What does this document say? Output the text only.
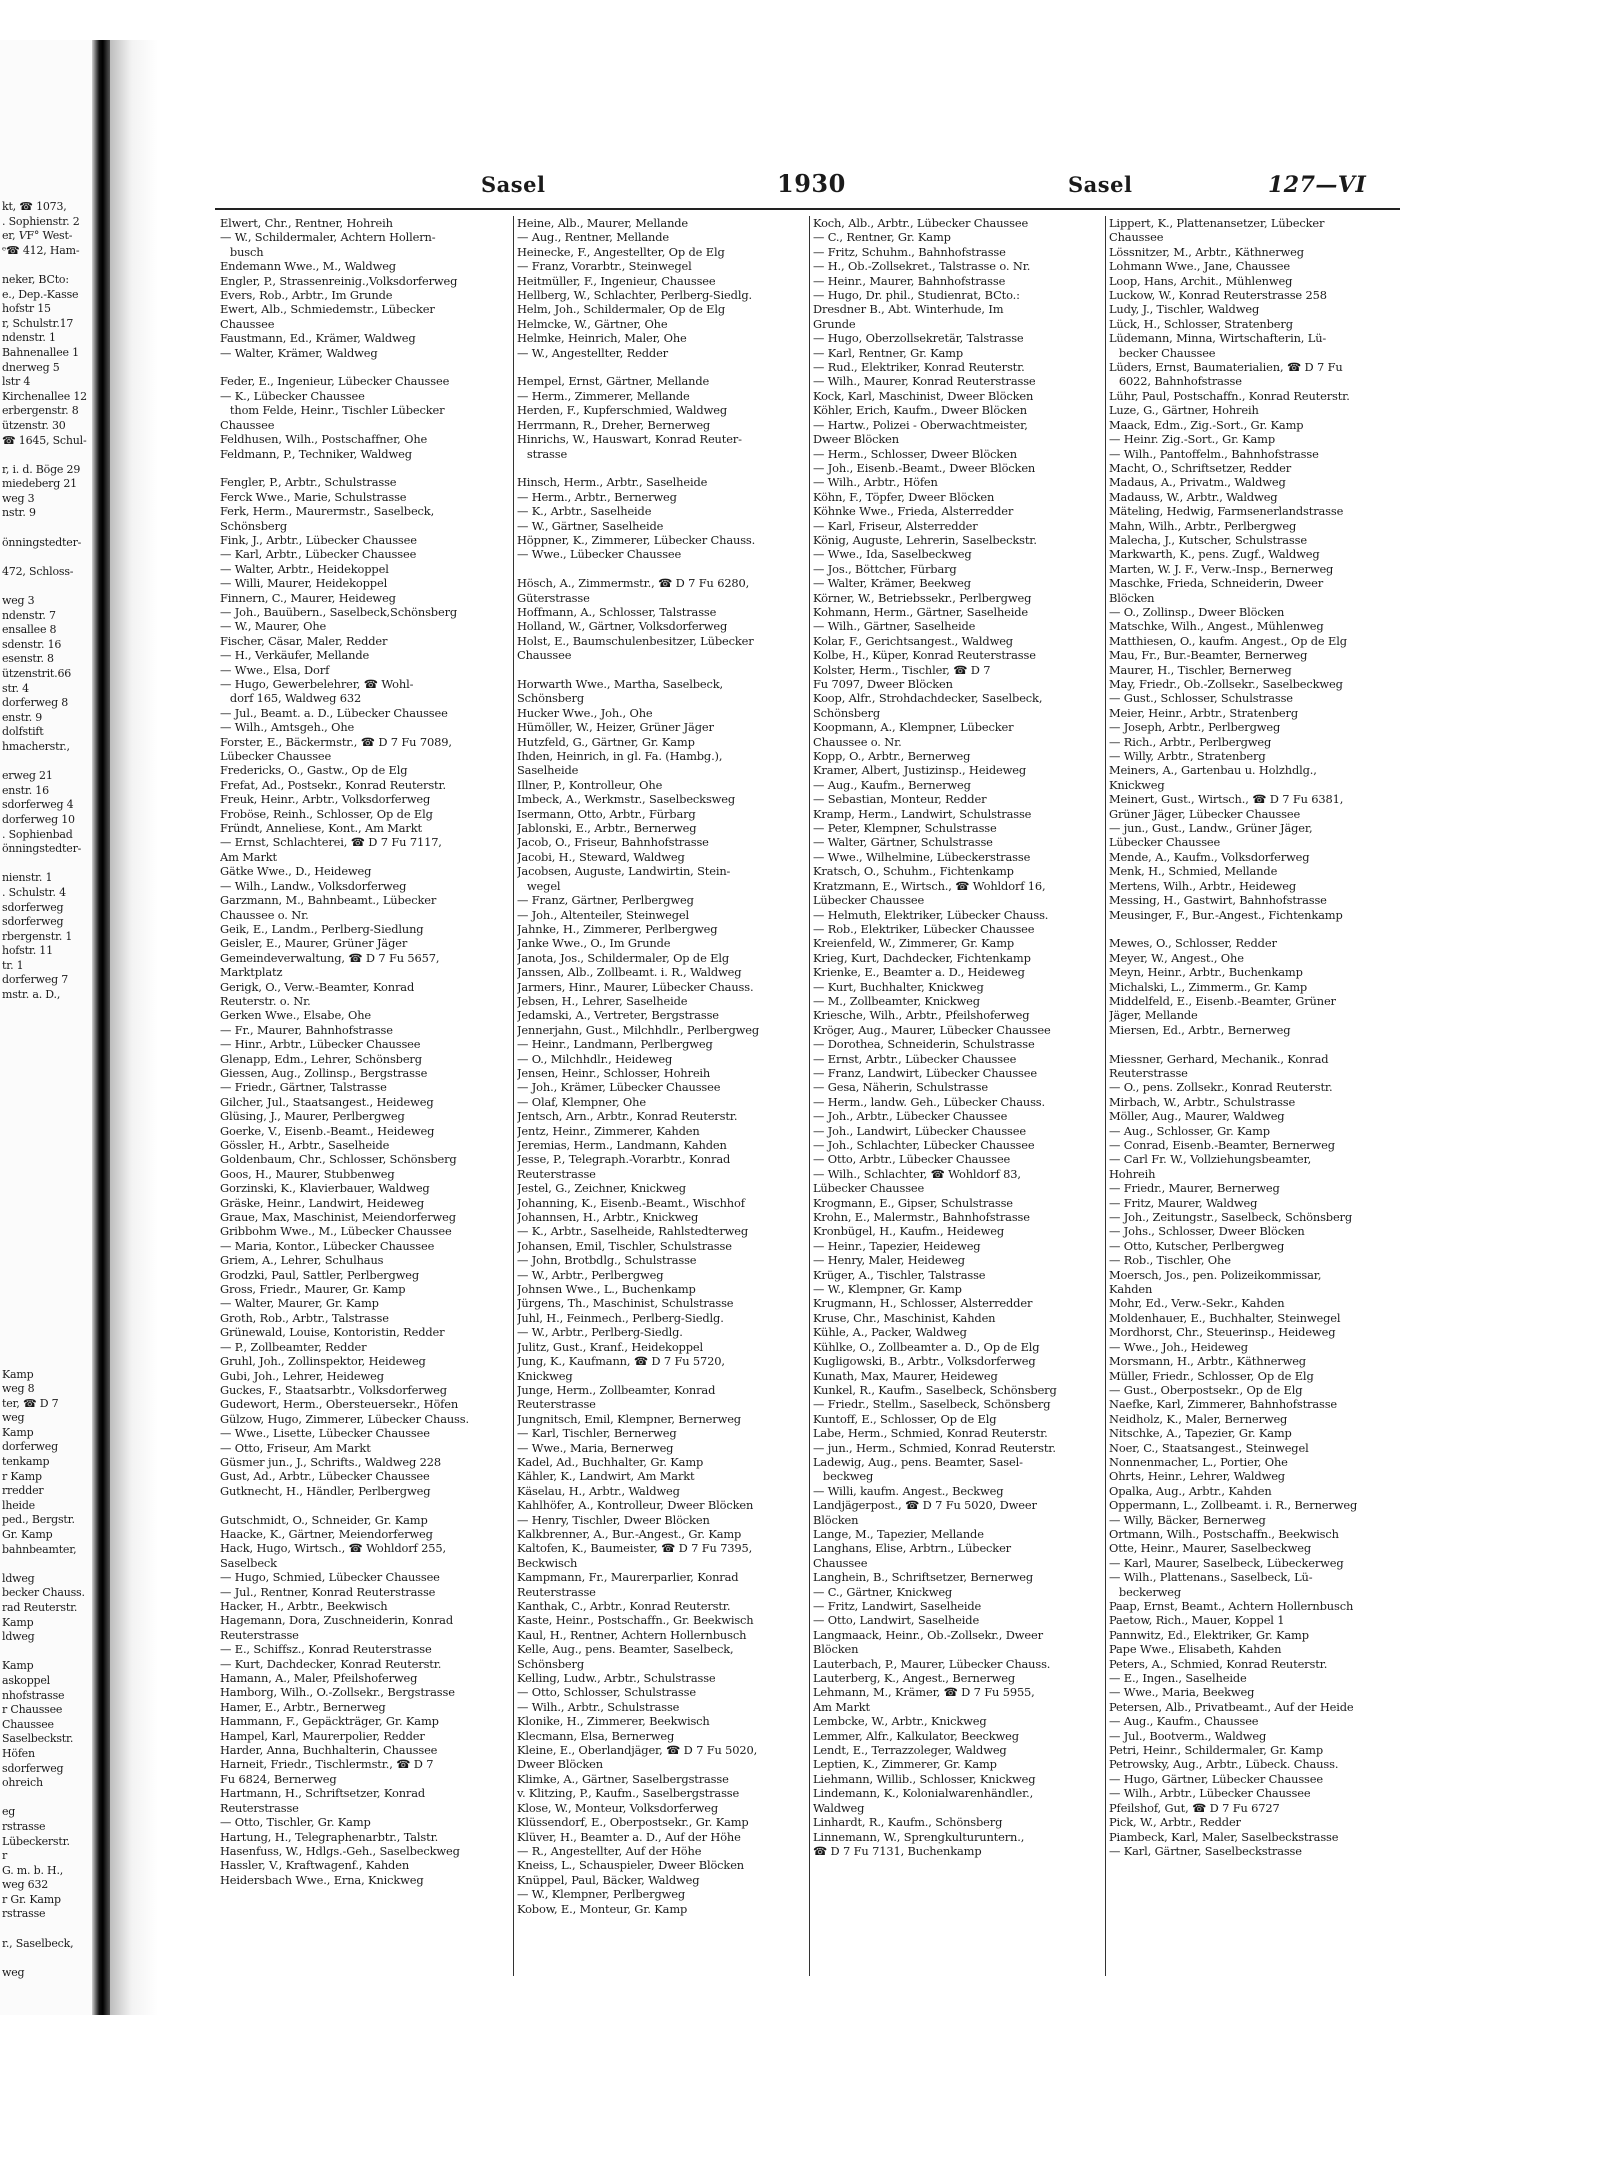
kt, ☎ 1073,
. Sophienstr. 2
er, 𝑉F° West-
ᵉ☎ 412, Ham-

neker, BCto:
e., Dep.-Kasse
hofstr 15
r, Schulstr.17
ndenstr. 1
Bahnenallee 1
dnerweg 5
lstr 4
Kirchenallee 12
erbergenstr. 8
ützenstr. 30
☎ 1645, Schul-

r, i. d. Böge 29
miedeberg 21
weg 3
nstr. 9

önningstedter-

472, Schloss-

weg 3
ndenstr. 7
ensallee 8
sdenstr. 16
esenstr. 8
ützenstrit.66
str. 4
dorferweg 8
enstr. 9
dolfstift
hmacherstr.,

erweg 21
enstr. 16
sdorferweg 4
dorferweg 10
. Sophienbad
önningstedter-

nienstr. 1
. Schulstr. 4
sdorferweg
sdorferweg
rbergenstr. 1
hofstr. 11
tr. 1
dorferweg 7
mstr. a. D.,

Kamp
weg 8
ter, ☎ D 7
weg
Kamp
dorferweg
tenkamp
r Kamp
rredder
lheide
ped., Bergstr.
Gr. Kamp
bahnbeamter,

ldweg
becker Chauss.
rad Reuterstr.
Kamp
ldweg

Kamp
askoppel
nhofstrasse
r Chaussee
Chaussee
Saselbeckstr.
Höfen
sdorferweg
ohreich

eg
rstrasse
Lübeckerstr.
r
G. m. b. H.,
weg 632
r Gr. Kamp
rstrasse

r., Saselbeck,

weg
Sasel	1930	Sasel	127—VI
Elwert, Chr., Rentner, Hohreih
— W., Schildermaler, Achtern Hollern-
busch
Endemann Wwe., M., Waldweg
Engler, P., Strassenreinig.,Volksdorferweg
Evers, Rob., Arbtr., Im Grunde
Ewert, Alb., Schmiedemstr., Lübecker
Chaussee
Faustmann, Ed., Krämer, Waldweg
— Walter, Krämer, Waldweg

Feder, E., Ingenieur, Lübecker Chaussee
— K., Lübecker Chaussee
thom Felde, Heinr., Tischler Lübecker
Chaussee
Feldhusen, Wilh., Postschaffner, Ohe
Feldmann, P., Techniker, Waldweg

Fengler, P., Arbtr., Schulstrasse
Ferck Wwe., Marie, Schulstrasse
Ferk, Herm., Maurermstr., Saselbeck,
Schönsberg
Fink, J., Arbtr., Lübecker Chaussee
— Karl, Arbtr., Lübecker Chaussee
— Walter, Arbtr., Heidekoppel
— Willi, Maurer, Heidekoppel
Finnern, C., Maurer, Heideweg
— Joh., Bauübern., Saselbeck,Schönsberg
— W., Maurer, Ohe
Fischer, Cäsar, Maler, Redder
— H., Verkäufer, Mellande
— Wwe., Elsa, Dorf
— Hugo, Gewerbelehrer, ☎ Wohl-
dorf 165, Waldweg 632
— Jul., Beamt. a. D., Lübecker Chaussee
— Wilh., Amtsgeh., Ohe
Forster, E., Bäckermstr., ☎ D 7 Fu 7089,
Lübecker Chaussee
Fredericks, O., Gastw., Op de Elg
Frefat, Ad., Postsekr., Konrad Reuterstr.
Freuk, Heinr., Arbtr., Volksdorferweg
Froböse, Reinh., Schlosser, Op de Elg
Fründt, Anneliese, Kont., Am Markt
— Ernst, Schlachterei, ☎ D 7 Fu 7117,
Am Markt
Gätke Wwe., D., Heideweg
— Wilh., Landw., Volksdorferweg
Garzmann, M., Bahnbeamt., Lübecker
Chaussee o. Nr.
Geik, E., Landm., Perlberg-Siedlung
Geisler, E., Maurer, Grüner Jäger
Gemeindeverwaltung, ☎ D 7 Fu 5657,
Marktplatz
Gerigk, O., Verw.-Beamter, Konrad
Reuterstr. o. Nr.
Gerken Wwe., Elsabe, Ohe
— Fr., Maurer, Bahnhofstrasse
— Hinr., Arbtr., Lübecker Chaussee
Glenapp, Edm., Lehrer, Schönsberg
Giessen, Aug., Zollinsp., Bergstrasse
— Friedr., Gärtner, Talstrasse
Gilcher, Jul., Staatsangest., Heideweg
Glüsing, J., Maurer, Perlbergweg
Goerke, V., Eisenb.-Beamt., Heideweg
Gössler, H., Arbtr., Saselheide
Goldenbaum, Chr., Schlosser, Schönsberg
Goos, H., Maurer, Stubbenweg
Gorzinski, K., Klavierbauer, Waldweg
Gräske, Heinr., Landwirt, Heideweg
Graue, Max, Maschinist, Meiendorferweg
Gribbohm Wwe., M., Lübecker Chaussee
— Maria, Kontor., Lübecker Chaussee
Griem, A., Lehrer, Schulhaus
Grodzki, Paul, Sattler, Perlbergweg
Gross, Friedr., Maurer, Gr. Kamp
— Walter, Maurer, Gr. Kamp
Groth, Rob., Arbtr., Talstrasse
Grünewald, Louise, Kontoristin, Redder
— P., Zollbeamter, Redder
Gruhl, Joh., Zollinspektor, Heideweg
Gubi, Joh., Lehrer, Heideweg
Guckes, F., Staatsarbtr., Volksdorferweg
Gudewort, Herm., Obersteuersekr., Höfen
Gülzow, Hugo, Zimmerer, Lübecker Chauss.
— Wwe., Lisette, Lübecker Chaussee
— Otto, Friseur, Am Markt
Güsmer jun., J., Schrifts., Waldweg 228
Gust, Ad., Arbtr., Lübecker Chaussee
Gutknecht, H., Händler, Perlbergweg

Gutschmidt, O., Schneider, Gr. Kamp
Haacke, K., Gärtner, Meiendorferweg
Hack, Hugo, Wirtsch., ☎ Wohldorf 255,
Saselbeck
— Hugo, Schmied, Lübecker Chaussee
— Jul., Rentner, Konrad Reuterstrasse
Hacker, H., Arbtr., Beekwisch
Hagemann, Dora, Zuschneiderin, Konrad
Reuterstrasse
— E., Schiffsz., Konrad Reuterstrasse
— Kurt, Dachdecker, Konrad Reuterstr.
Hamann, A., Maler, Pfeilshoferweg
Hamborg, Wilh., O.-Zollsekr., Bergstrasse
Hamer, E., Arbtr., Bernerweg
Hammann, F., Gepäckträger, Gr. Kamp
Hampel, Karl, Maurerpolier, Redder
Harder, Anna, Buchhalterin, Chaussee
Harneit, Friedr., Tischlermstr., ☎ D 7
Fu 6824, Bernerweg
Hartmann, H., Schriftsetzer, Konrad
Reuterstrasse
— Otto, Tischler, Gr. Kamp
Hartung, H., Telegraphenarbtr., Talstr.
Hasenfuss, W., Hdlgs.-Geh., Saselbeckweg
Hassler, V., Kraftwagenf., Kahden
Heidersbach Wwe., Erna, Knickweg
Heine, Alb., Maurer, Mellande
— Aug., Rentner, Mellande
Heinecke, F., Angestellter, Op de Elg
— Franz, Vorarbtr., Steinwegel
Heitmüller, F., Ingenieur, Chaussee
Hellberg, W., Schlachter, Perlberg-Siedlg.
Helm, Joh., Schildermaler, Op de Elg
Helmcke, W., Gärtner, Ohe
Helmke, Heinrich, Maler, Ohe
— W., Angestellter, Redder

Hempel, Ernst, Gärtner, Mellande
— Herm., Zimmerer, Mellande
Herden, F., Kupferschmied, Waldweg
Herrmann, R., Dreher, Bernerweg
Hinrichs, W., Hauswart, Konrad Reuter-
strasse

Hinsch, Herm., Arbtr., Saselheide
— Herm., Arbtr., Bernerweg
— K., Arbtr., Saselheide
— W., Gärtner, Saselheide
Höppner, K., Zimmerer, Lübecker Chauss.
— Wwe., Lübecker Chaussee

Hösch, A., Zimmermstr., ☎ D 7 Fu 6280,
Güterstrasse
Hoffmann, A., Schlosser, Talstrasse
Holland, W., Gärtner, Volksdorferweg
Holst, E., Baumschulenbesitzer, Lübecker
Chaussee

Horwarth Wwe., Martha, Saselbeck,
Schönsberg
Hucker Wwe., Joh., Ohe
Hümöller, W., Heizer, Grüner Jäger
Hutzfeld, G., Gärtner, Gr. Kamp
Ihden, Heinrich, in gl. Fa. (Hambg.),
Saselheide
Illner, P., Kontrolleur, Ohe
Imbeck, A., Werkmstr., Saselbecksweg
Isermann, Otto, Arbtr., Fürbarg
Jablonski, E., Arbtr., Bernerweg
Jacob, O., Friseur, Bahnhofstrasse
Jacobi, H., Steward, Waldweg
Jacobsen, Auguste, Landwirtin, Stein-
wegel
— Franz, Gärtner, Perlbergweg
— Joh., Altenteiler, Steinwegel
Jahnke, H., Zimmerer, Perlbergweg
Janke Wwe., O., Im Grunde
Janota, Jos., Schildermaler, Op de Elg
Janssen, Alb., Zollbeamt. i. R., Waldweg
Jarmers, Hinr., Maurer, Lübecker Chauss.
Jebsen, H., Lehrer, Saselheide
Jedamski, A., Vertreter, Bergstrasse
Jennerjahn, Gust., Milchhdlr., Perlbergweg
— Heinr., Landmann, Perlbergweg
— O., Milchhdlr., Heideweg
Jensen, Heinr., Schlosser, Hohreih
— Joh., Krämer, Lübecker Chaussee
— Olaf, Klempner, Ohe
Jentsch, Arn., Arbtr., Konrad Reuterstr.
Jentz, Heinr., Zimmerer, Kahden
Jeremias, Herm., Landmann, Kahden
Jesse, P., Telegraph.-Vorarbtr., Konrad
Reuterstrasse
Jestel, G., Zeichner, Knickweg
Johanning, K., Eisenb.-Beamt., Wischhof
Johannsen, H., Arbtr., Knickweg
— K., Arbtr., Saselheide, Rahlstedterweg
Johansen, Emil, Tischler, Schulstrasse
— John, Brotbdlg., Schulstrasse
— W., Arbtr., Perlbergweg
Johnsen Wwe., L., Buchenkamp
Jürgens, Th., Maschinist, Schulstrasse
Juhl, H., Feinmech., Perlberg-Siedlg.
— W., Arbtr., Perlberg-Siedlg.
Julitz, Gust., Kranf., Heidekoppel
Jung, K., Kaufmann, ☎ D 7 Fu 5720,
Knickweg
Junge, Herm., Zollbeamter, Konrad
Reuterstrasse
Jungnitsch, Emil, Klempner, Bernerweg
— Karl, Tischler, Bernerweg
— Wwe., Maria, Bernerweg
Kadel, Ad., Buchhalter, Gr. Kamp
Kähler, K., Landwirt, Am Markt
Käselau, H., Arbtr., Waldweg
Kahlhöfer, A., Kontrolleur, Dweer Blöcken
— Henry, Tischler, Dweer Blöcken
Kalkbrenner, A., Bur.-Angest., Gr. Kamp
Kaltofen, K., Baumeister, ☎ D 7 Fu 7395,
Beckwisch
Kampmann, Fr., Maurerparlier, Konrad
Reuterstrasse
Kanthak, C., Arbtr., Konrad Reuterstr.
Kaste, Heinr., Postschaffn., Gr. Beekwisch
Kaul, H., Rentner, Achtern Hollernbusch
Kelle, Aug., pens. Beamter, Saselbeck,
Schönsberg
Kelling, Ludw., Arbtr., Schulstrasse
— Otto, Schlosser, Schulstrasse
— Wilh., Arbtr., Schulstrasse
Klonike, H., Zimmerer, Beekwisch
Klecmann, Elsa, Bernerweg
Kleine, E., Oberlandjäger, ☎ D 7 Fu 5020,
Dweer Blöcken
Klimke, A., Gärtner, Saselbergstrasse
v. Klitzing, P., Kaufm., Saselbergstrasse
Klose, W., Monteur, Volksdorferweg
Klüssendorf, E., Oberpostsekr., Gr. Kamp
Klüver, H., Beamter a. D., Auf der Höhe
— R., Angestellter, Auf der Höhe
Kneiss, L., Schauspieler, Dweer Blöcken
Knüppel, Paul, Bäcker, Waldweg
— W., Klempner, Perlbergweg
Kobow, E., Monteur, Gr. Kamp
Koch, Alb., Arbtr., Lübecker Chaussee
— C., Rentner, Gr. Kamp
— Fritz, Schuhm., Bahnhofstrasse
— H., Ob.-Zollsekret., Talstrasse o. Nr.
— Heinr., Maurer, Bahnhofstrasse
— Hugo, Dr. phil., Studienrat, BCto.:
Dresdner B., Abt. Winterhude, Im
Grunde
— Hugo, Oberzollsekretär, Talstrasse
— Karl, Rentner, Gr. Kamp
— Rud., Elektriker, Konrad Reuterstr.
— Wilh., Maurer, Konrad Reuterstrasse
Kock, Karl, Maschinist, Dweer Blöcken
Köhler, Erich, Kaufm., Dweer Blöcken
— Hartw., Polizei - Oberwachtmeister,
Dweer Blöcken
— Herm., Schlosser, Dweer Blöcken
— Joh., Eisenb.-Beamt., Dweer Blöcken
— Wilh., Arbtr., Höfen
Köhn, F., Töpfer, Dweer Blöcken
Köhnke Wwe., Frieda, Alsterredder
— Karl, Friseur, Alsterredder
König, Auguste, Lehrerin, Saselbeckstr.
— Wwe., Ida, Saselbeckweg
— Jos., Böttcher, Fürbarg
— Walter, Krämer, Beekweg
Körner, W., Betriebssekr., Perlbergweg
Kohmann, Herm., Gärtner, Saselheide
— Wilh., Gärtner, Saselheide
Kolar, F., Gerichtsangest., Waldweg
Kolbe, H., Küper, Konrad Reuterstrasse
Kolster, Herm., Tischler, ☎ D 7
Fu 7097, Dweer Blöcken
Koop, Alfr., Strohdachdecker, Saselbeck,
Schönsberg
Koopmann, A., Klempner, Lübecker
Chaussee o. Nr.
Kopp, O., Arbtr., Bernerweg
Kramer, Albert, Justizinsp., Heideweg
— Aug., Kaufm., Bernerweg
— Sebastian, Monteur, Redder
Kramp, Herm., Landwirt, Schulstrasse
— Peter, Klempner, Schulstrasse
— Walter, Gärtner, Schulstrasse
— Wwe., Wilhelmine, Lübeckerstrasse
Kratsch, O., Schuhm., Fichtenkamp
Kratzmann, E., Wirtsch., ☎ Wohldorf 16,
Lübecker Chaussee
— Helmuth, Elektriker, Lübecker Chauss.
— Rob., Elektriker, Lübecker Chaussee
Kreienfeld, W., Zimmerer, Gr. Kamp
Krieg, Kurt, Dachdecker, Fichtenkamp
Krienke, E., Beamter a. D., Heideweg
— Kurt, Buchhalter, Knickweg
— M., Zollbeamter, Knickweg
Kriesche, Wilh., Arbtr., Pfeilshoferweg
Kröger, Aug., Maurer, Lübecker Chaussee
— Dorothea, Schneiderin, Schulstrasse
— Ernst, Arbtr., Lübecker Chaussee
— Franz, Landwirt, Lübecker Chaussee
— Gesa, Näherin, Schulstrasse
— Herm., landw. Geh., Lübecker Chauss.
— Joh., Arbtr., Lübecker Chaussee
— Joh., Landwirt, Lübecker Chaussee
— Joh., Schlachter, Lübecker Chaussee
— Otto, Arbtr., Lübecker Chaussee
— Wilh., Schlachter, ☎ Wohldorf 83,
Lübecker Chaussee
Krogmann, E., Gipser, Schulstrasse
Krohn, E., Malermstr., Bahnhofstrasse
Kronbügel, H., Kaufm., Heideweg
— Heinr., Tapezier, Heideweg
— Henry, Maler, Heideweg
Krüger, A., Tischler, Talstrasse
— W., Klempner, Gr. Kamp
Krugmann, H., Schlosser, Alsterredder
Kruse, Chr., Maschinist, Kahden
Kühle, A., Packer, Waldweg
Kühlke, O., Zollbeamter a. D., Op de Elg
Kugligowski, B., Arbtr., Volksdorferweg
Kunath, Max, Maurer, Heideweg
Kunkel, R., Kaufm., Saselbeck, Schönsberg
— Friedr., Stellm., Saselbeck, Schönsberg
Kuntoff, E., Schlosser, Op de Elg
Labe, Herm., Schmied, Konrad Reuterstr.
— jun., Herm., Schmied, Konrad Reuterstr.
Ladewig, Aug., pens. Beamter, Sasel-
beckweg
— Willi, kaufm. Angest., Beckweg
Landjägerpost., ☎ D 7 Fu 5020, Dweer
Blöcken
Lange, M., Tapezier, Mellande
Langhans, Elise, Arbtrn., Lübecker
Chaussee
Langhein, B., Schriftsetzer, Bernerweg
— C., Gärtner, Knickweg
— Fritz, Landwirt, Saselheide
— Otto, Landwirt, Saselheide
Langmaack, Heinr., Ob.-Zollsekr., Dweer
Blöcken
Lauterbach, P., Maurer, Lübecker Chauss.
Lauterberg, K., Angest., Bernerweg
Lehmann, M., Krämer, ☎ D 7 Fu 5955,
Am Markt
Lembcke, W., Arbtr., Knickweg
Lemmer, Alfr., Kalkulator, Beeckweg
Lendt, E., Terrazzoleger, Waldweg
Leptien, K., Zimmerer, Gr. Kamp
Liehmann, Willib., Schlosser, Knickweg
Lindemann, K., Kolonialwarenhändler.,
Waldweg
Linhardt, R., Kaufm., Schönsberg
Linnemann, W., Sprengkulturuntern.,
☎ D 7 Fu 7131, Buchenkamp
Lippert, K., Plattenansetzer, Lübecker
Chaussee
Lössnitzer, M., Arbtr., Käthnerweg
Lohmann Wwe., Jane, Chaussee
Loop, Hans, Archit., Mühlenweg
Luckow, W., Konrad Reuterstrasse 258
Ludy, J., Tischler, Waldweg
Lück, H., Schlosser, Stratenberg
Lüdemann, Minna, Wirtschafterin, Lü-
becker Chaussee
Lüders, Ernst, Baumaterialien, ☎ D 7 Fu
6022, Bahnhofstrasse
Lühr, Paul, Postschaffn., Konrad Reuterstr.
Luze, G., Gärtner, Hohreih
Maack, Edm., Zig.-Sort., Gr. Kamp
— Heinr. Zig.-Sort., Gr. Kamp
— Wilh., Pantoffelm., Bahnhofstrasse
Macht, O., Schriftsetzer, Redder
Madaus, A., Privatm., Waldweg
Madauss, W., Arbtr., Waldweg
Mäteling, Hedwig, Farmsenerlandstrasse
Mahn, Wilh., Arbtr., Perlbergweg
Malecha, J., Kutscher, Schulstrasse
Markwarth, K., pens. Zugf., Waldweg
Marten, W. J. F., Verw.-Insp., Bernerweg
Maschke, Frieda, Schneiderin, Dweer
Blöcken
— O., Zollinsp., Dweer Blöcken
Matschke, Wilh., Angest., Mühlenweg
Matthiesen, O., kaufm. Angest., Op de Elg
Mau, Fr., Bur.-Beamter, Bernerweg
Maurer, H., Tischler, Bernerweg
May, Friedr., Ob.-Zollsekr., Saselbeckweg
— Gust., Schlosser, Schulstrasse
Meier, Heinr., Arbtr., Stratenberg
— Joseph, Arbtr., Perlbergweg
— Rich., Arbtr., Perlbergweg
— Willy, Arbtr., Stratenberg
Meiners, A., Gartenbau u. Holzhdlg.,
Knickweg
Meinert, Gust., Wirtsch., ☎ D 7 Fu 6381,
Grüner Jäger, Lübecker Chaussee
— jun., Gust., Landw., Grüner Jäger,
Lübecker Chaussee
Mende, A., Kaufm., Volksdorferweg
Menk, H., Schmied, Mellande
Mertens, Wilh., Arbtr., Heideweg
Messing, H., Gastwirt, Bahnhofstrasse
Meusinger, F., Bur.-Angest., Fichtenkamp

Mewes, O., Schlosser, Redder
Meyer, W., Angest., Ohe
Meyn, Heinr., Arbtr., Buchenkamp
Michalski, L., Zimmerm., Gr. Kamp
Middelfeld, E., Eisenb.-Beamter, Grüner
Jäger, Mellande
Miersen, Ed., Arbtr., Bernerweg

Miessner, Gerhard, Mechanik., Konrad
Reuterstrasse
— O., pens. Zollsekr., Konrad Reuterstr.
Mirbach, W., Arbtr., Schulstrasse
Möller, Aug., Maurer, Waldweg
— Aug., Schlosser, Gr. Kamp
— Conrad, Eisenb.-Beamter, Bernerweg
— Carl Fr. W., Vollziehungsbeamter,
Hohreih
— Friedr., Maurer, Bernerweg
— Fritz, Maurer, Waldweg
— Joh., Zeitungstr., Saselbeck, Schönsberg
— Johs., Schlosser, Dweer Blöcken
— Otto, Kutscher, Perlbergweg
— Rob., Tischler, Ohe
Moersch, Jos., pen. Polizeikommissar,
Kahden
Mohr, Ed., Verw.-Sekr., Kahden
Moldenhauer, E., Buchhalter, Steinwegel
Mordhorst, Chr., Steuerinsp., Heideweg
— Wwe., Joh., Heideweg
Morsmann, H., Arbtr., Käthnerweg
Müller, Friedr., Schlosser, Op de Elg
— Gust., Oberpostsekr., Op de Elg
Naefke, Karl, Zimmerer, Bahnhofstrasse
Neidholz, K., Maler, Bernerweg
Nitschke, A., Tapezier, Gr. Kamp
Noer, C., Staatsangest., Steinwegel
Nonnenmacher, L., Portier, Ohe
Ohrts, Heinr., Lehrer, Waldweg
Opalka, Aug., Arbtr., Kahden
Oppermann, L., Zollbeamt. i. R., Bernerweg
— Willy, Bäcker, Bernerweg
Ortmann, Wilh., Postschaffn., Beekwisch
Otte, Heinr., Maurer, Saselbeckweg
— Karl, Maurer, Saselbeck, Lübeckerweg
— Wilh., Plattenans., Saselbeck, Lü-
beckerweg
Paap, Ernst, Beamt., Achtern Hollernbusch
Paetow, Rich., Mauer, Koppel 1
Pannwitz, Ed., Elektriker, Gr. Kamp
Pape Wwe., Elisabeth, Kahden
Peters, A., Schmied, Konrad Reuterstr.
— E., Ingen., Saselheide
— Wwe., Maria, Beekweg
Petersen, Alb., Privatbeamt., Auf der Heide
— Aug., Kaufm., Chaussee
— Jul., Bootverm., Waldweg
Petri, Heinr., Schildermaler, Gr. Kamp
Petrowsky, Aug., Arbtr., Lübeck. Chauss.
— Hugo, Gärtner, Lübecker Chaussee
— Wilh., Arbtr., Lübecker Chaussee
Pfeilshof, Gut, ☎ D 7 Fu 6727
Pick, W., Arbtr., Redder
Piambeck, Karl, Maler, Saselbeckstrasse
— Karl, Gärtner, Saselbeckstrasse
